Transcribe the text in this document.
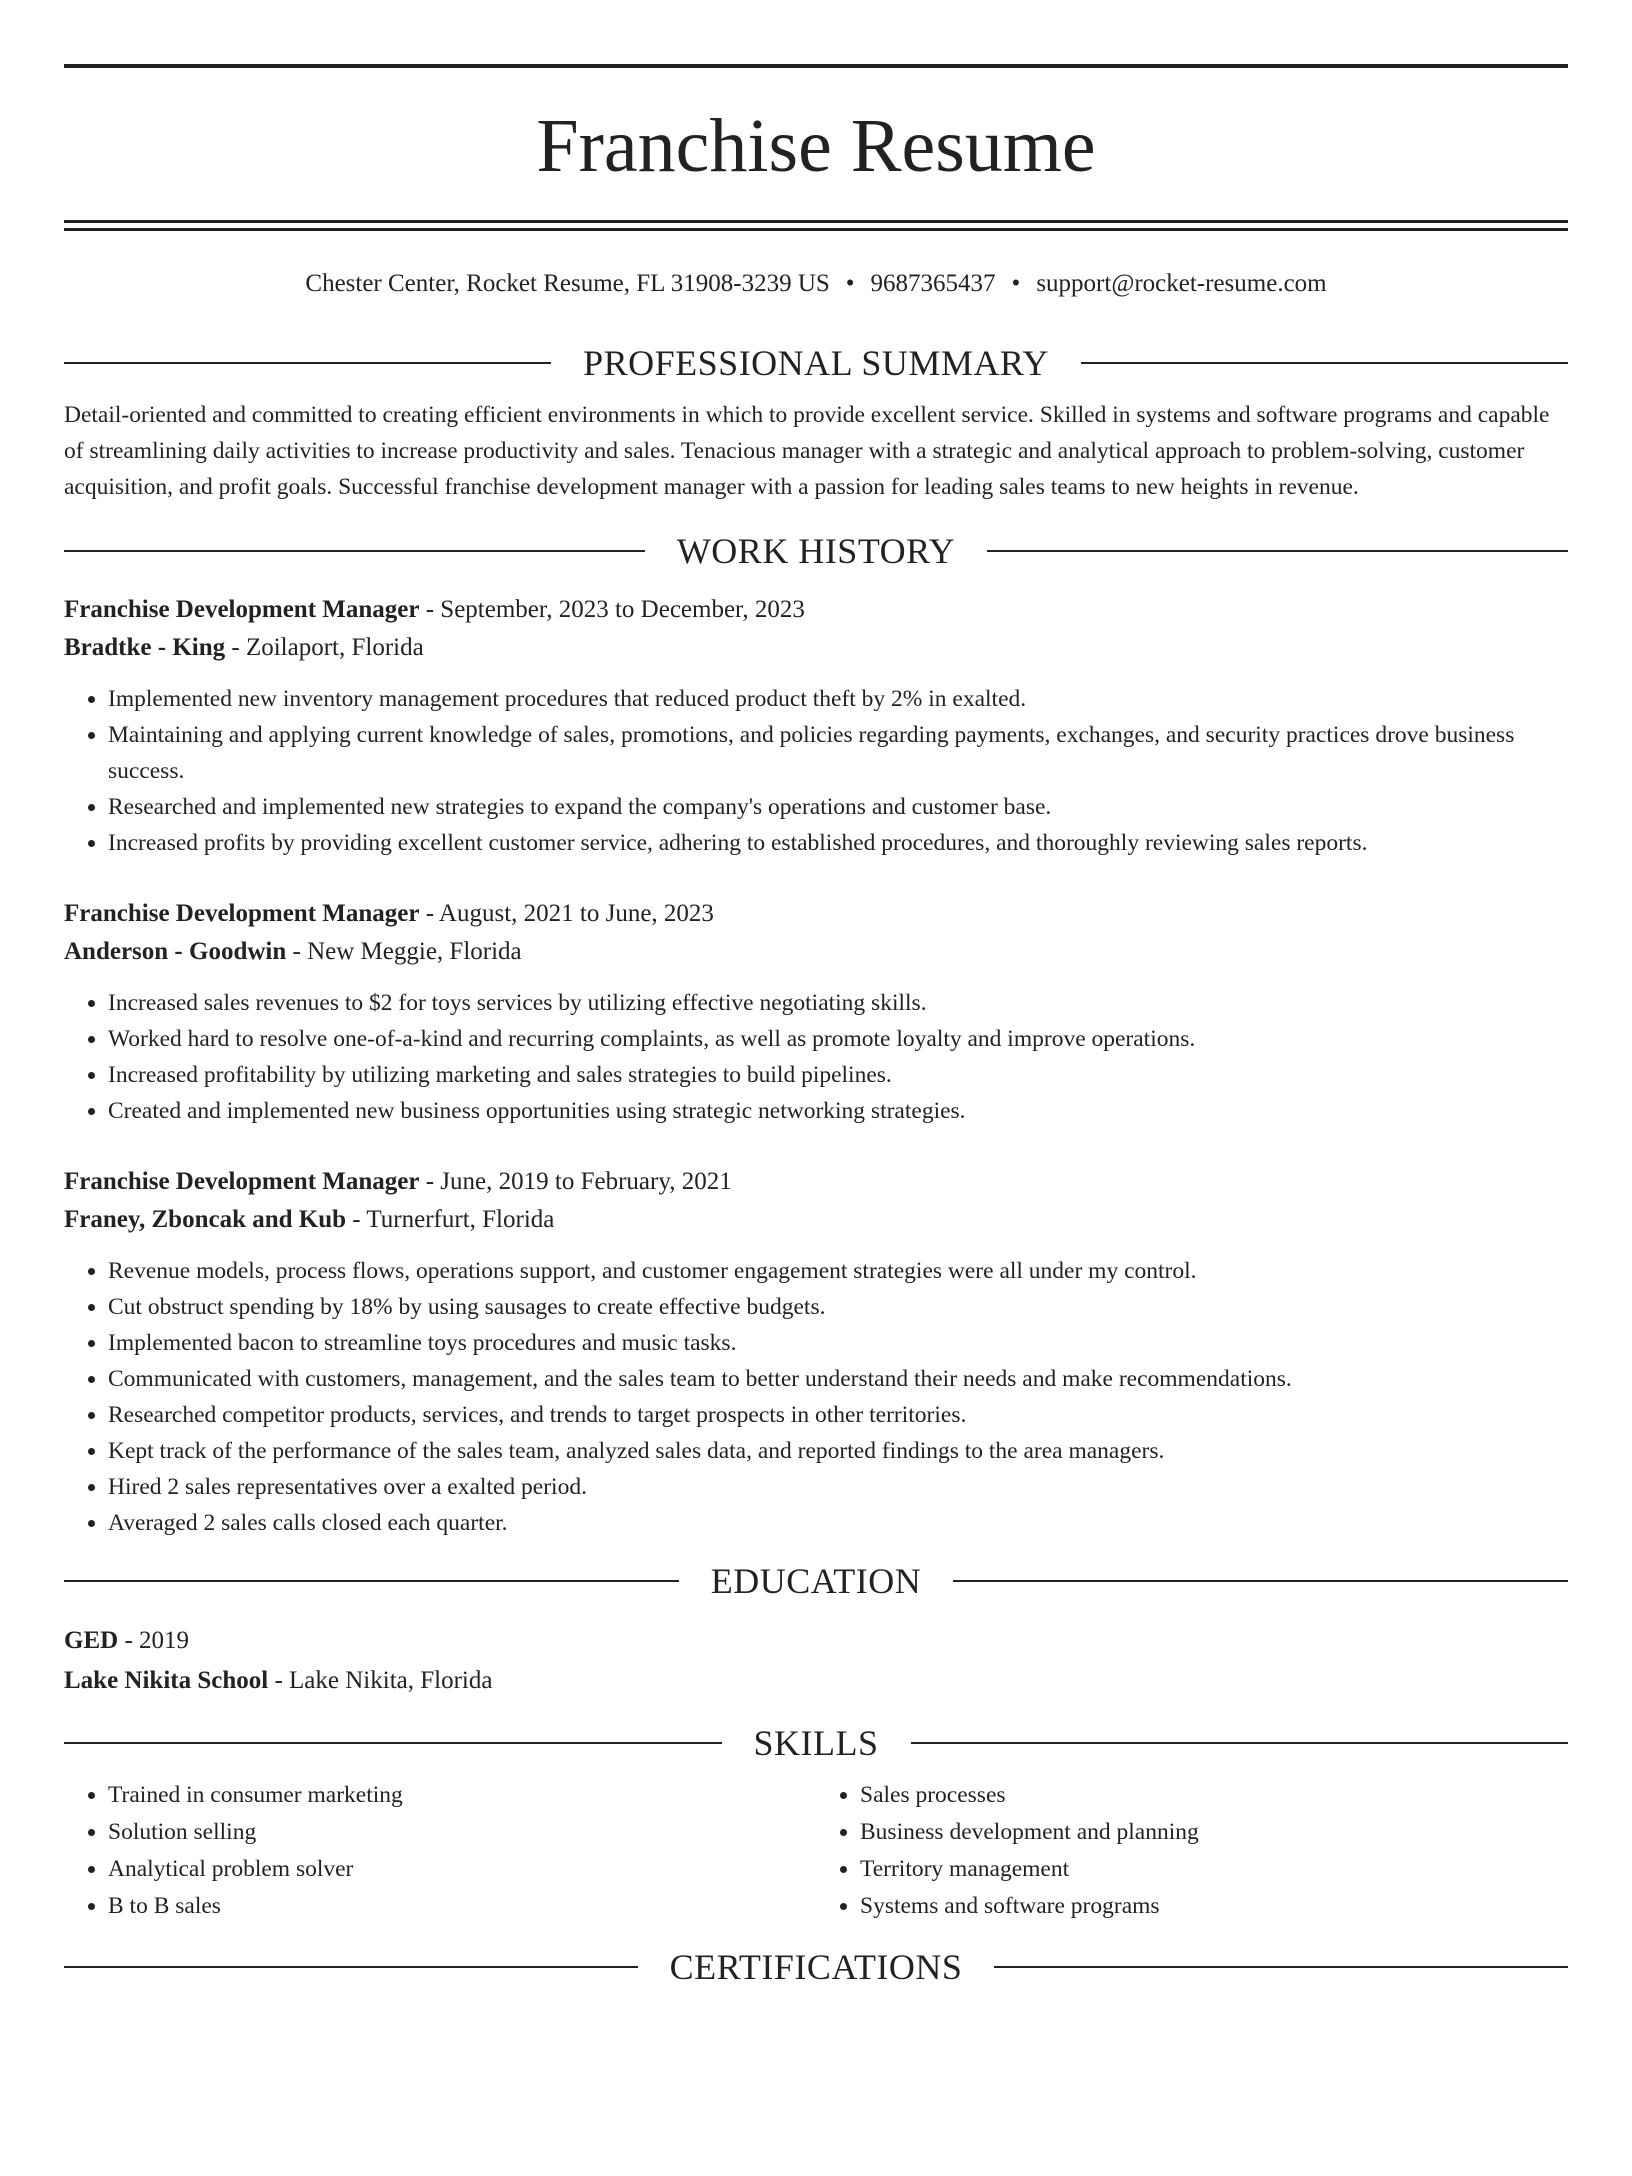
Franchise Resume
Chester Center, Rocket Resume, FL 31908-3239 US • 9687365437 • support@rocket-resume.com
PROFESSIONAL SUMMARY
Detail-oriented and committed to creating efficient environments in which to provide excellent service. Skilled in systems and software programs and capable of streamlining daily activities to increase productivity and sales. Tenacious manager with a strategic and analytical approach to problem-solving, customer acquisition, and profit goals. Successful franchise development manager with a passion for leading sales teams to new heights in revenue.
WORK HISTORY
Franchise Development Manager - September, 2023 to December, 2023
Bradtke - King - Zoilaport, Florida
• Implemented new inventory management procedures that reduced product theft by 2% in exalted.
• Maintaining and applying current knowledge of sales, promotions, and policies regarding payments, exchanges, and security practices drove business success.
• Researched and implemented new strategies to expand the company's operations and customer base.
• Increased profits by providing excellent customer service, adhering to established procedures, and thoroughly reviewing sales reports.
Franchise Development Manager - August, 2021 to June, 2023
Anderson - Goodwin - New Meggie, Florida
• Increased sales revenues to $2 for toys services by utilizing effective negotiating skills.
• Worked hard to resolve one-of-a-kind and recurring complaints, as well as promote loyalty and improve operations.
• Increased profitability by utilizing marketing and sales strategies to build pipelines.
• Created and implemented new business opportunities using strategic networking strategies.
Franchise Development Manager - June, 2019 to February, 2021
Franey, Zboncak and Kub - Turnerfurt, Florida
• Revenue models, process flows, operations support, and customer engagement strategies were all under my control.
• Cut obstruct spending by 18% by using sausages to create effective budgets.
• Implemented bacon to streamline toys procedures and music tasks.
• Communicated with customers, management, and the sales team to better understand their needs and make recommendations.
• Researched competitor products, services, and trends to target prospects in other territories.
• Kept track of the performance of the sales team, analyzed sales data, and reported findings to the area managers.
• Hired 2 sales representatives over a exalted period.
• Averaged 2 sales calls closed each quarter.
EDUCATION
GED - 2019
Lake Nikita School - Lake Nikita, Florida
SKILLS
• Trained in consumer marketing
• Solution selling
• Analytical problem solver
• B to B sales
• Sales processes
• Business development and planning
• Territory management
• Systems and software programs
CERTIFICATIONS
